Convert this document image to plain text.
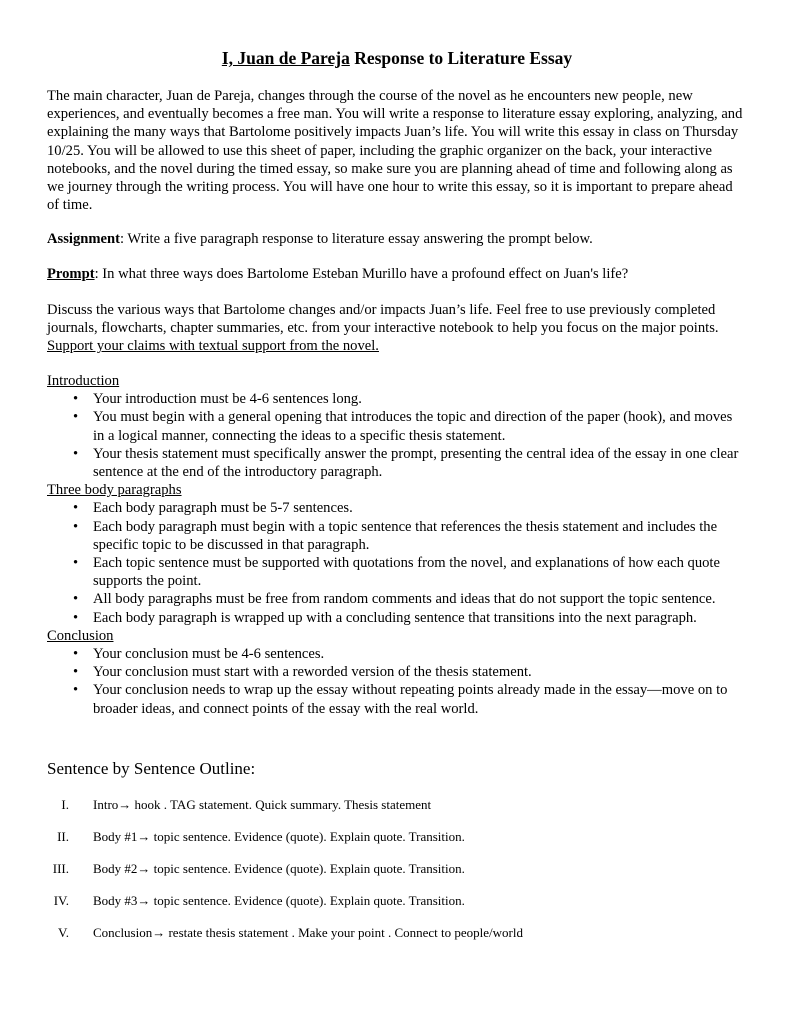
I, Juan de Pareja Response to Literature Essay

The main character, Juan de Pareja, changes through the course of the novel as he encounters new people, new experiences, and eventually becomes a free man. You will write a response to literature essay exploring, analyzing, and explaining the many ways that Bartolome positively impacts Juan’s life. You will write this essay in class on Thursday 10/25. You will be allowed to use this sheet of paper, including the graphic organizer on the back, your interactive notebooks, and the novel during the timed essay, so make sure you are planning ahead of time and following along as we journey through the writing process. You will have one hour to write this essay, so it is important to prepare ahead of time.

Assignment: Write a five paragraph response to literature essay answering the prompt below.

Prompt: In what three ways does Bartolome Esteban Murillo have a profound effect on Juan's life?

Discuss the various ways that Bartolome changes and/or impacts Juan’s life. Feel free to use previously completed journals, flowcharts, chapter summaries, etc. from your interactive notebook to help you focus on the major points. Support your claims with textual support from the novel.

Introduction
• Your introduction must be 4-6 sentences long.
• You must begin with a general opening that introduces the topic and direction of the paper (hook), and moves in a logical manner, connecting the ideas to a specific thesis statement.
• Your thesis statement must specifically answer the prompt, presenting the central idea of the essay in one clear sentence at the end of the introductory paragraph.
Three body paragraphs
• Each body paragraph must be 5-7 sentences.
• Each body paragraph must begin with a topic sentence that references the thesis statement and includes the specific topic to be discussed in that paragraph.
• Each topic sentence must be supported with quotations from the novel, and explanations of how each quote supports the point.
• All body paragraphs must be free from random comments and ideas that do not support the topic sentence.
• Each body paragraph is wrapped up with a concluding sentence that transitions into the next paragraph.
Conclusion
• Your conclusion must be 4-6 sentences.
• Your conclusion must start with a reworded version of the thesis statement.
• Your conclusion needs to wrap up the essay without repeating points already made in the essay—move on to broader ideas, and connect points of the essay with the real world.
Sentence by Sentence Outline:
I. Intro→ hook . TAG statement. Quick summary. Thesis statement
II. Body #1→ topic sentence. Evidence (quote). Explain quote. Transition.
III. Body #2→ topic sentence. Evidence (quote). Explain quote. Transition.
IV. Body #3→ topic sentence. Evidence (quote). Explain quote. Transition.
V. Conclusion→ restate thesis statement . Make your point . Connect to people/world
